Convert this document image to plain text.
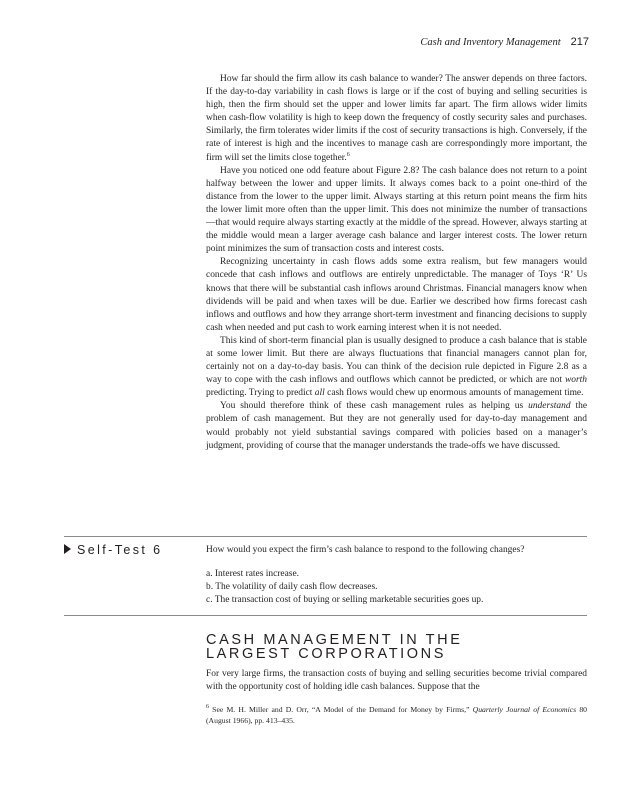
Cash and Inventory Management 217

How far should the firm allow its cash balance to wander? The answer depends on three factors. If the day-to-day variability in cash flows is large or if the cost of buying and selling securities is high, then the firm should set the upper and lower limits far apart. The firm allows wider limits when cash-flow volatility is high to keep down the frequency of costly security sales and purchases. Similarly, the firm tolerates wider limits if the cost of security transactions is high. Conversely, if the rate of interest is high and the incentives to manage cash are correspondingly more important, the firm will set the limits close together.$^6$

Have you noticed one odd feature about Figure 2.8? The cash balance does not return to a point halfway between the lower and upper limits. It always comes back to a point one-third of the distance from the lower to the upper limit. Always starting at this return point means the firm hits the lower limit more often than the upper limit. This does not minimize the number of transactions—that would require always starting exactly at the middle of the spread. However, always starting at the middle would mean a larger average cash balance and larger interest costs. The lower return point minimizes the sum of transaction costs and interest costs.

Recognizing uncertainty in cash flows adds some extra realism, but few managers would concede that cash inflows and outflows are entirely unpredictable. The manager of Toys ‘R’ Us knows that there will be substantial cash inflows around Christmas. Financial managers know when dividends will be paid and when taxes will be due. Earlier we described how firms forecast cash inflows and outflows and how they arrange short-term investment and financing decisions to supply cash when needed and put cash to work earning interest when it is not needed.

This kind of short-term financial plan is usually designed to produce a cash balance that is stable at some lower limit. But there are always fluctuations that financial managers cannot plan for, certainly not on a day-to-day basis. You can think of the decision rule depicted in Figure 2.8 as a way to cope with the cash inflows and outflows which cannot be predicted, or which are not worth predicting. Trying to predict all cash flows would chew up enormous amounts of management time.

You should therefore think of these cash management rules as helping us understand the problem of cash management. But they are not generally used for day-to-day management and would probably not yield substantial savings compared with policies based on a manager’s judgment, providing of course that the manager understands the trade-offs we have discussed.

Self-Test 6	How would you expect the firm’s cash balance to respond to the following changes?
a. Interest rates increase.
b. The volatility of daily cash flow decreases.
c. The transaction cost of buying or selling marketable securities goes up.
CASH MANAGEMENT IN THE
LARGEST CORPORATIONS

For very large firms, the transaction costs of buying and selling securities become trivial compared with the opportunity cost of holding idle cash balances. Suppose that the

$^6$ See M. H. Miller and D. Orr, “A Model of the Demand for Money by Firms,” Quarterly Journal of Economics 80 (August 1966), pp. 413–435.
